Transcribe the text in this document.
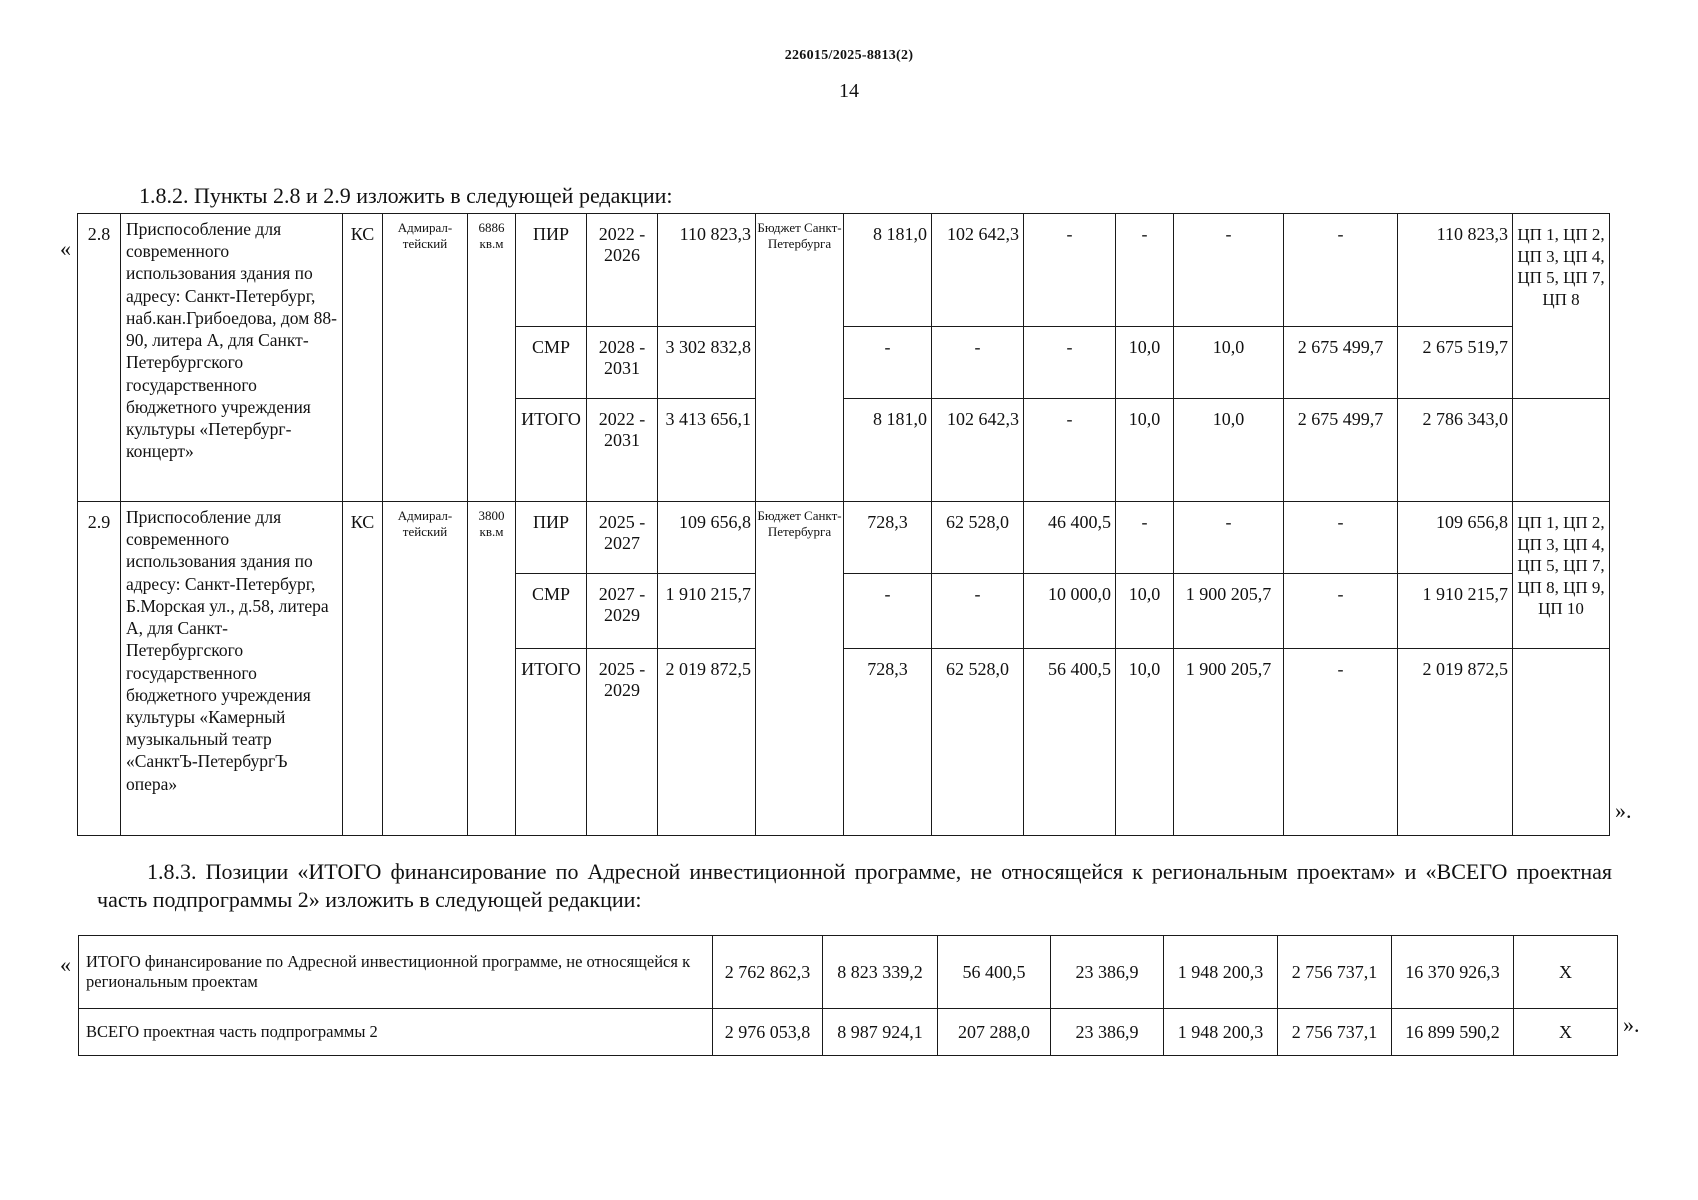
226015/2025-8813(2)
14
1.8.2. Пункты 2.8 и 2.9 изложить в следующей редакции:
«
2.8	Приспособление для современного использования здания по адресу: Санкт-Петербург, наб.кан.Грибоедова, дом 88-90, литера А, для Санкт-Петербургского государственного бюджетного учреждения культуры «Петербург-концерт»	КС	Адмирал-тейский	6886 кв.м	ПИР	2022 - 2026	110 823,3	Бюджет Санкт-Петербурга	8 181,0	102 642,3	-	-	-	-	110 823,3	ЦП 1, ЦП 2, ЦП 3, ЦП 4, ЦП 5, ЦП 7, ЦП 8
					СМР	2028 - 2031	3 302 832,8		-	-	-	10,0	10,0	2 675 499,7	2 675 519,7	
					ИТОГО	2022 - 2031	3 413 656,1		8 181,0	102 642,3	-	10,0	10,0	2 675 499,7	2 786 343,0	
2.9	Приспособление для современного использования здания по адресу: Санкт-Петербург, Б.Морская ул., д.58, литера А, для Санкт-Петербургского государственного бюджетного учреждения культуры «Камерный музыкальный театр «СанктЪ-ПетербургЪ опера»	КС	Адмирал-тейский	3800 кв.м	ПИР	2025 - 2027	109 656,8	Бюджет Санкт-Петербурга	728,3	62 528,0	46 400,5	-	-	-	109 656,8	ЦП 1, ЦП 2, ЦП 3, ЦП 4, ЦП 5, ЦП 7, ЦП 8, ЦП 9, ЦП 10
					СМР	2027 - 2029	1 910 215,7		-	-	10 000,0	10,0	1 900 205,7	-	1 910 215,7	
					ИТОГО	2025 - 2029	2 019 872,5		728,3	62 528,0	56 400,5	10,0	1 900 205,7	-	2 019 872,5	
».
1.8.3. Позиции «ИТОГО финансирование по Адресной инвестиционной программе, не относящейся к региональным проектам» и «ВСЕГО проектная часть подпрограммы 2» изложить в следующей редакции:
« ИТОГО финансирование по Адресной инвестиционной программе, не относящейся к региональным проектам	2 762 862,3	8 823 339,2	56 400,5	23 386,9	1 948 200,3	2 756 737,1	16 370 926,3	Х
ВСЕГО проектная часть подпрограммы 2	2 976 053,8	8 987 924,1	207 288,0	23 386,9	1 948 200,3	2 756 737,1	16 899 590,2	Х ».
